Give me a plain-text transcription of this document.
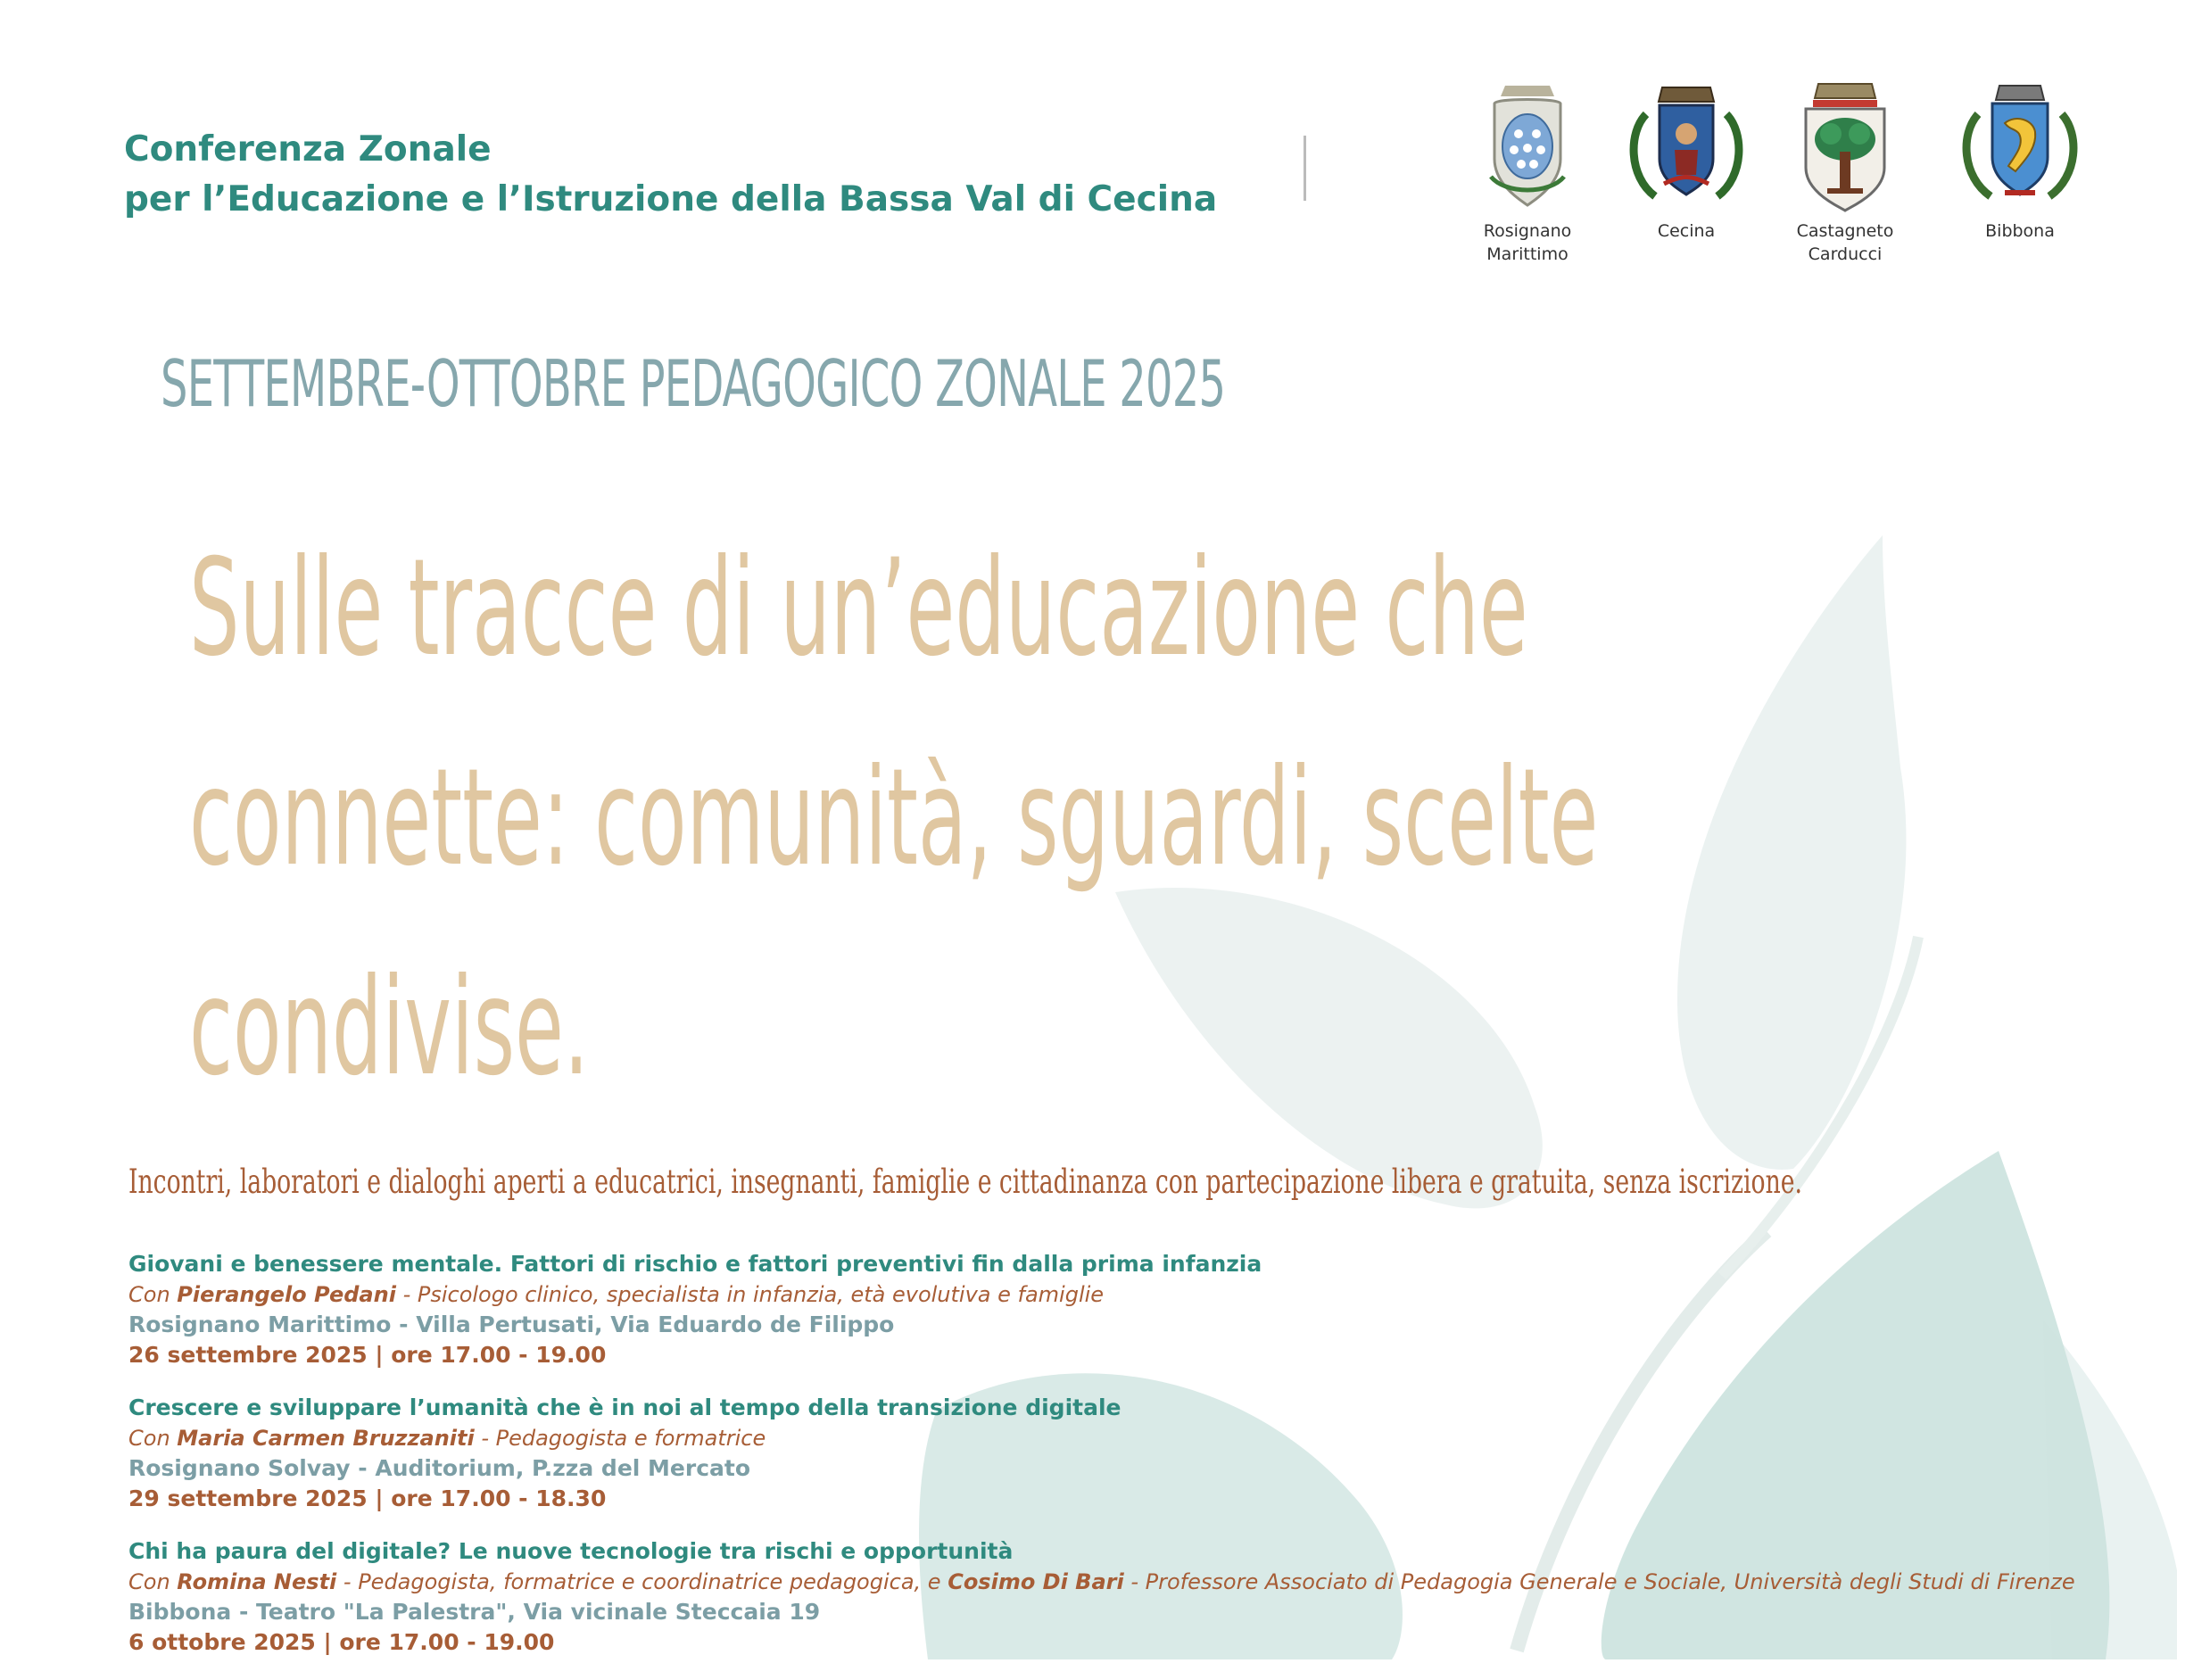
Conferenza Zonale
per l’Educazione e l’Istruzione della Bassa Val di Cecina
Rosignano
Marittimo
Cecina	Castagneto
Carducci
Bibbona
SETTEMBRE-OTTOBRE PEDAGOGICO ZONALE 2025
Sulle tracce di un’educazione che
connette: comunità, sguardi, scelte
condivise.
Incontri, laboratori e dialoghi aperti a educatrici, insegnanti, famiglie e cittadinanza con partecipazione libera e gratuita, senza iscrizione.
Giovani e benessere mentale. Fattori di rischio e fattori preventivi fin dalla prima infanzia
Con Pierangelo Pedani - Psicologo clinico, specialista in infanzia, età evolutiva e famiglie
Rosignano Marittimo - Villa Pertusati, Via Eduardo de Filippo
26 settembre 2025 | ore 17.00 - 19.00
Crescere e sviluppare l’umanità che è in noi al tempo della transizione digitale
Con Maria Carmen Bruzzaniti - Pedagogista e formatrice
Rosignano Solvay - Auditorium, P.zza del Mercato
29 settembre 2025 | ore 17.00 - 18.30
Chi ha paura del digitale? Le nuove tecnologie tra rischi e opportunità
Con Romina Nesti - Pedagogista, formatrice e coordinatrice pedagogica, e Cosimo Di Bari - Professore Associato di Pedagogia Generale e Sociale, Università degli Studi di Firenze
Bibbona - Teatro "La Palestra", Via vicinale Steccaia 19
6 ottobre 2025 | ore 17.00 - 19.00
